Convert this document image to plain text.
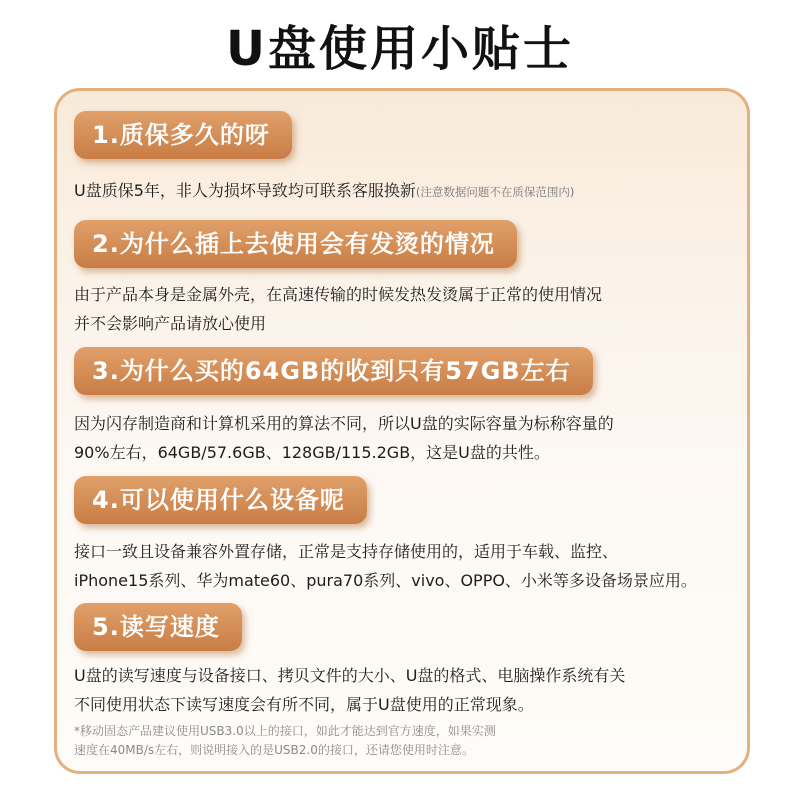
U盘使用小贴士
1.质保多久的呀
U盘质保5年，非人为损坏导致均可联系客服换新(注意数据问题不在质保范围内)
2.为什么插上去使用会有发烫的情况
由于产品本身是金属外壳，在高速传输的时候发热发烫属于正常的使用情况
并不会影响产品请放心使用
3.为什么买的64GB的收到只有57GB左右
因为闪存制造商和计算机采用的算法不同，所以U盘的实际容量为标称容量的
90%左右，64GB/57.6GB、128GB/115.2GB，这是U盘的共性。
4.可以使用什么设备呢
接口一致且设备兼容外置存储，正常是支持存储使用的，适用于车载、监控、
iPhone15系列、华为mate60、pura70系列、vivo、OPPO、小米等多设备场景应用。
5.读写速度
U盘的读写速度与设备接口、拷贝文件的大小、U盘的格式、电脑操作系统有关
不同使用状态下读写速度会有所不同，属于U盘使用的正常现象。
*移动固态产品建议使用USB3.0以上的接口，如此才能达到官方速度，如果实测
速度在40MB/s左右，则说明接入的是USB2.0的接口，还请您使用时注意。
